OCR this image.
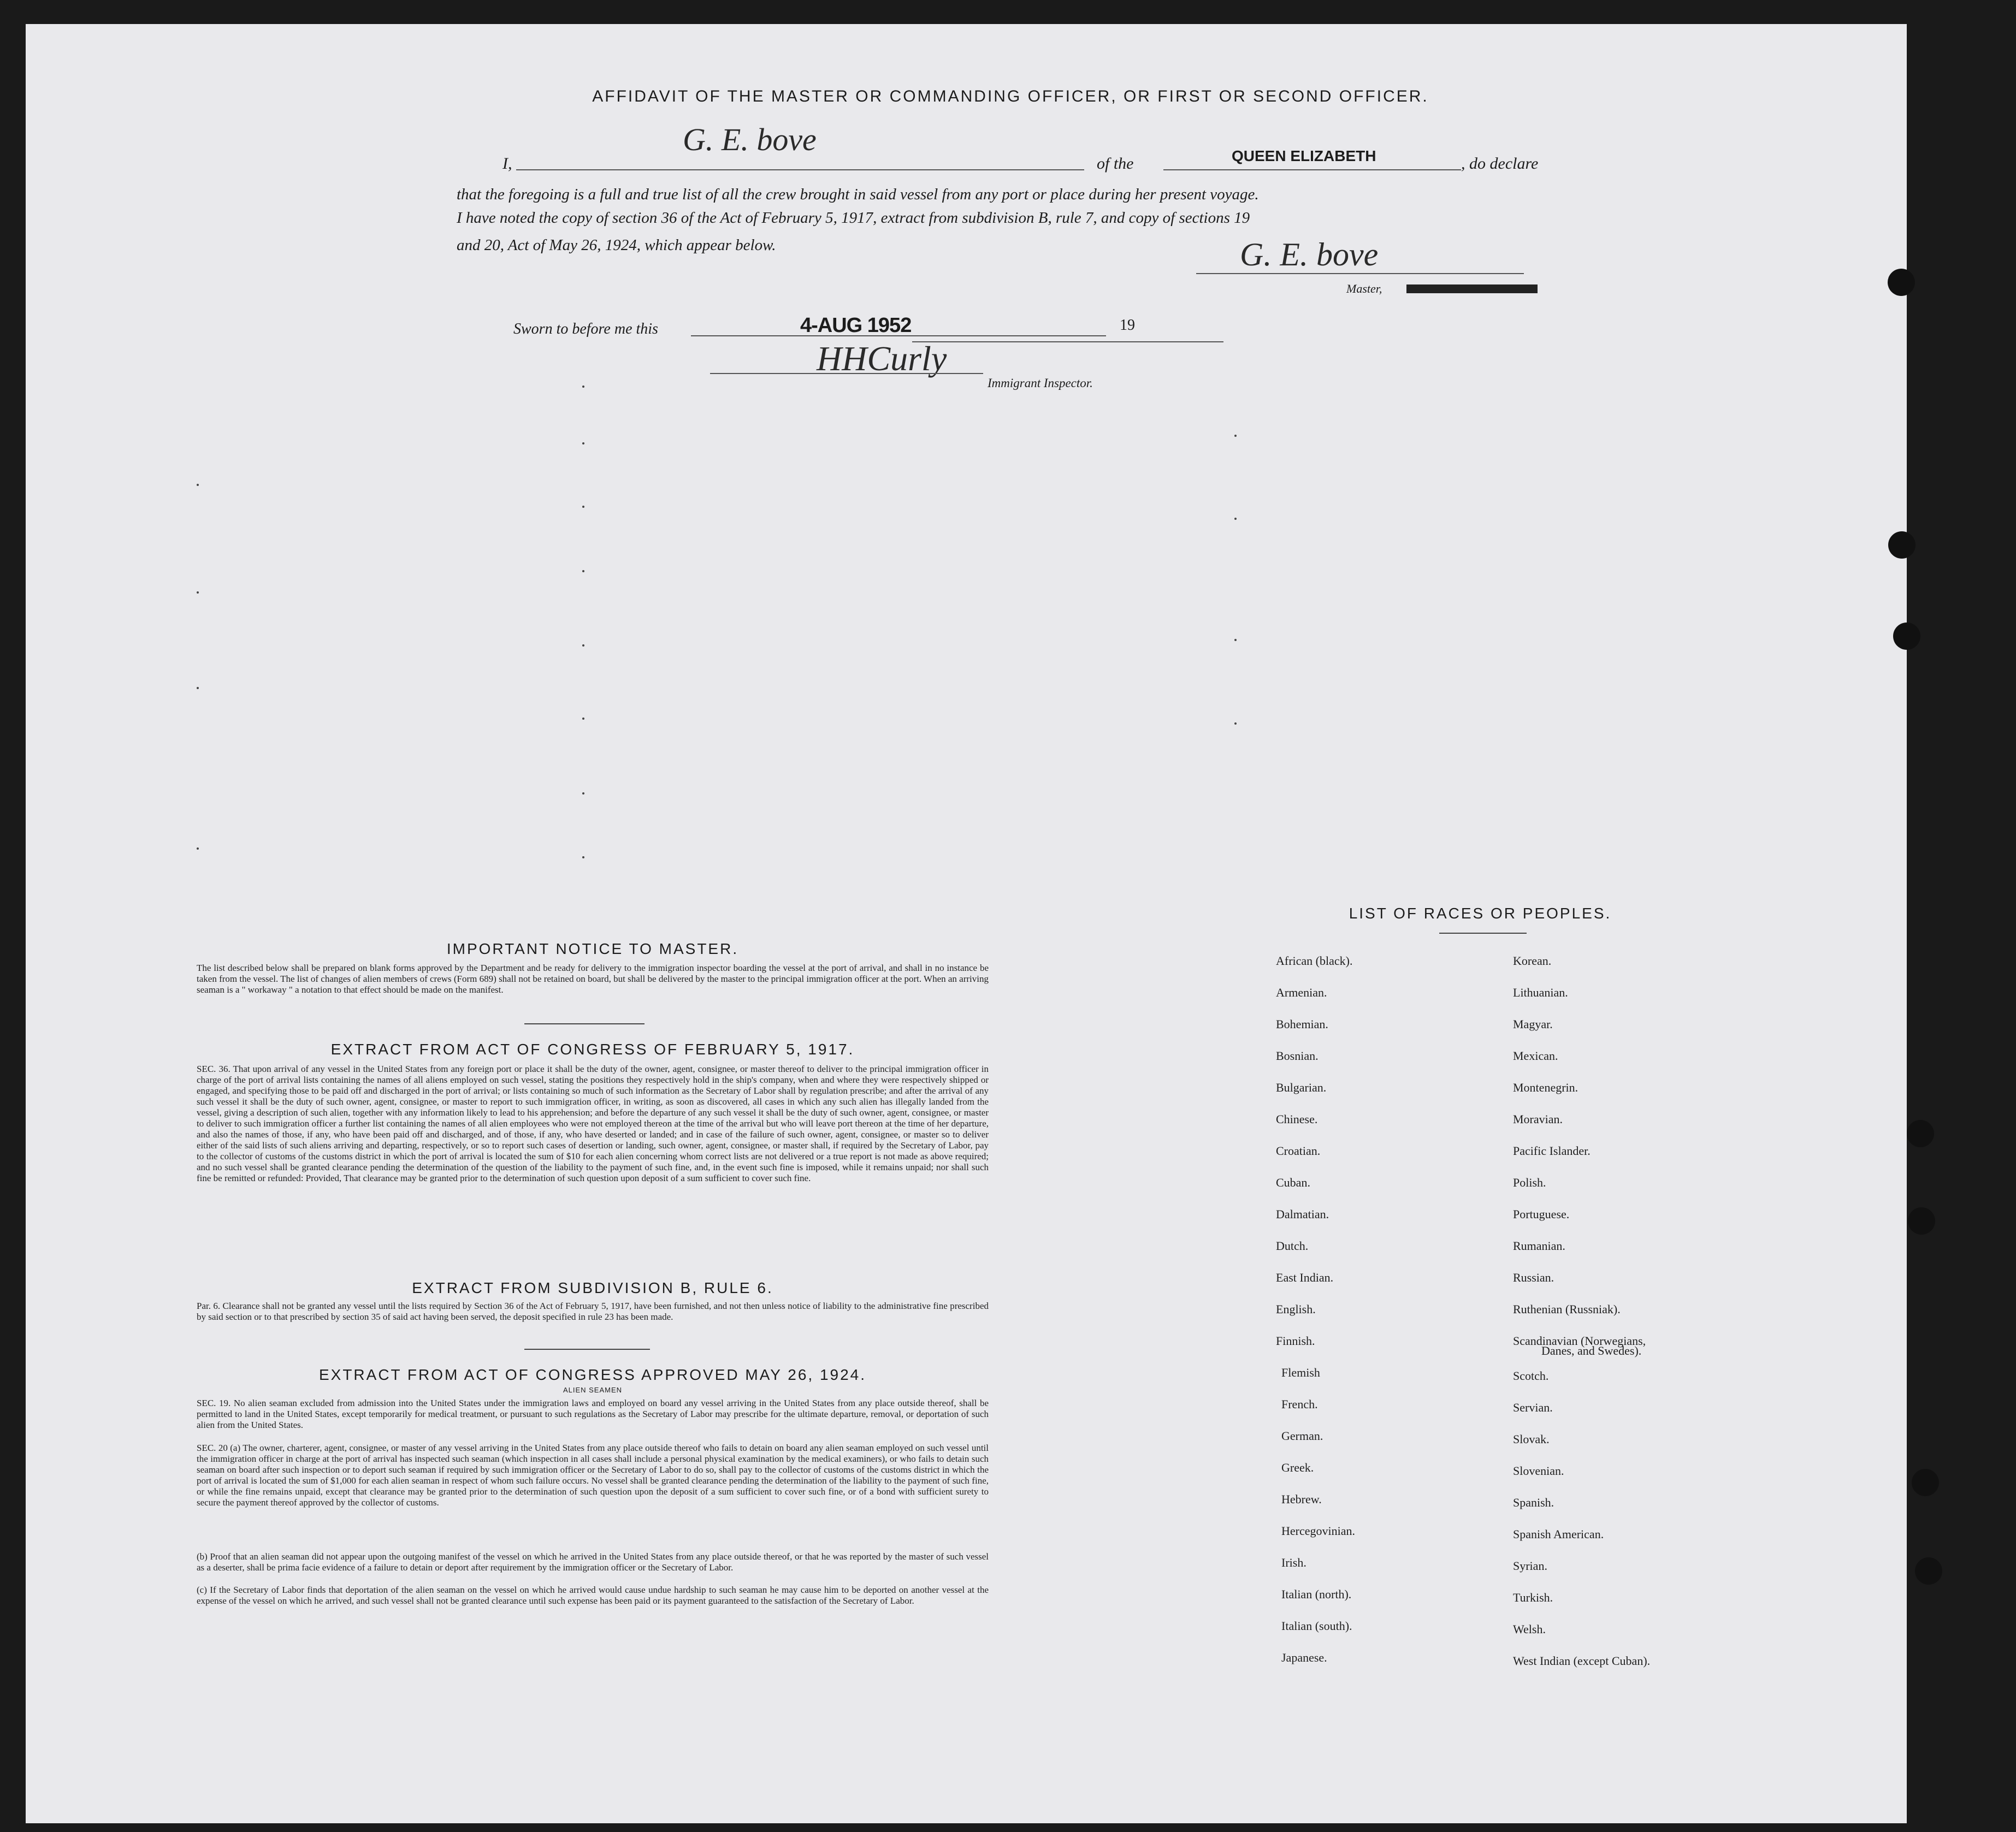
AFFIDAVIT OF THE MASTER OR COMMANDING OFFICER, OR FIRST OR SECOND OFFICER.
I,
G. E. bove
of the	QUEEN ELIZABETH	, do declare
that the foregoing is a full and true list of all the crew brought in said vessel from any port or place during her present voyage.
I have noted the copy of section 36 of the Act of February 5, 1917, extract from subdivision B, rule 7, and copy of sections 19
and 20, Act of May 26, 1924, which appear below.	G. E. bove
Master,
Sworn to before me this	4-AUG 1952	19
HHCurly
Immigrant Inspector.
IMPORTANT NOTICE TO MASTER.
The list described below shall be prepared on blank forms approved by the Department and be ready for delivery to the immigration inspector boarding the vessel at the port of arrival, and shall in no instance be taken from the vessel. The list of changes of alien members of crews (Form 689) shall not be retained on board, but shall be delivered by the master to the principal immigration officer at the port. When an arriving seaman is a " workaway " a notation to that effect should be made on the manifest.
EXTRACT FROM ACT OF CONGRESS OF FEBRUARY 5, 1917.
SEC. 36. That upon arrival of any vessel in the United States from any foreign port or place it shall be the duty of the owner, agent, consignee, or master thereof to deliver to the principal immigration officer in charge of the port of arrival lists containing the names of all aliens employed on such vessel, stating the positions they respectively hold in the ship's company, when and where they were respectively shipped or engaged, and specifying those to be paid off and discharged in the port of arrival; or lists containing so much of such information as the Secretary of Labor shall by regulation prescribe; and after the arrival of any such vessel it shall be the duty of such owner, agent, consignee, or master to report to such immigration officer, in writing, as soon as discovered, all cases in which any such alien has illegally landed from the vessel, giving a description of such alien, together with any information likely to lead to his apprehension; and before the departure of any such vessel it shall be the duty of such owner, agent, consignee, or master to deliver to such immigration officer a further list containing the names of all alien employees who were not employed thereon at the time of the arrival but who will leave port thereon at the time of her departure, and also the names of those, if any, who have been paid off and discharged, and of those, if any, who have deserted or landed; and in case of the failure of such owner, agent, consignee, or master so to deliver either of the said lists of such aliens arriving and departing, respectively, or so to report such cases of desertion or landing, such owner, agent, consignee, or master shall, if required by the Secretary of Labor, pay to the collector of customs of the customs district in which the port of arrival is located the sum of $10 for each alien concerning whom correct lists are not delivered or a true report is not made as above required; and no such vessel shall be granted clearance pending the determination of the question of the liability to the payment of such fine, and, in the event such fine is imposed, while it remains unpaid; nor shall such fine be remitted or refunded: Provided, That clearance may be granted prior to the determination of such question upon deposit of a sum sufficient to cover such fine.
EXTRACT FROM SUBDIVISION B, RULE 6.
Par. 6. Clearance shall not be granted any vessel until the lists required by Section 36 of the Act of February 5, 1917, have been furnished, and not then unless notice of liability to the administrative fine prescribed by said section or to that prescribed by section 35 of said act having been served, the deposit specified in rule 23 has been made.
EXTRACT FROM ACT OF CONGRESS APPROVED MAY 26, 1924.
ALIEN SEAMEN
SEC. 19. No alien seaman excluded from admission into the United States under the immigration laws and employed on board any vessel arriving in the United States from any place outside thereof, shall be permitted to land in the United States, except temporarily for medical treatment, or pursuant to such regulations as the Secretary of Labor may prescribe for the ultimate departure, removal, or deportation of such alien from the United States.
SEC. 20 (a) The owner, charterer, agent, consignee, or master of any vessel arriving in the United States from any place outside thereof who fails to detain on board any alien seaman employed on such vessel until the immigration officer in charge at the port of arrival has inspected such seaman (which inspection in all cases shall include a personal physical examination by the medical examiners), or who fails to detain such seaman on board after such inspection or to deport such seaman if required by such immigration officer or the Secretary of Labor to do so, shall pay to the collector of customs of the customs district in which the port of arrival is located the sum of $1,000 for each alien seaman in respect of whom such failure occurs. No vessel shall be granted clearance pending the determination of the liability to the payment of such fine, or while the fine remains unpaid, except that clearance may be granted prior to the determination of such question upon the deposit of a sum sufficient to cover such fine, or of a bond with sufficient surety to secure the payment thereof approved by the collector of customs.
(b) Proof that an alien seaman did not appear upon the outgoing manifest of the vessel on which he arrived in the United States from any place outside thereof, or that he was reported by the master of such vessel as a deserter, shall be prima facie evidence of a failure to detain or deport after requirement by the immigration officer or the Secretary of Labor.
(c) If the Secretary of Labor finds that deportation of the alien seaman on the vessel on which he arrived would cause undue hardship to such seaman he may cause him to be deported on another vessel at the expense of the vessel on which he arrived, and such vessel shall not be granted clearance until such expense has been paid or its payment guaranteed to the satisfaction of the Secretary of Labor.
LIST OF RACES OR PEOPLES.
African (black).
Armenian.
Bohemian.
Bosnian.
Bulgarian.
Chinese.
Croatian.
Cuban.
Dalmatian.
Dutch.
East Indian.
English.
Finnish.
Flemish
French.
German.
Greek.
Hebrew.
Hercegovinian.
Irish.
Italian (north).
Italian (south).
Japanese.
Korean.
Lithuanian.
Magyar.
Mexican.
Montenegrin.
Moravian.
Pacific Islander.
Polish.
Portuguese.
Rumanian.
Russian.
Ruthenian (Russniak).
Scandinavian (Norwegians,
Scotch.
Servian.
Slovak.
Slovenian.
Spanish.
Spanish American.
Syrian.
Turkish.
Welsh.
West Indian (except Cuban).
Danes, and Swedes).
